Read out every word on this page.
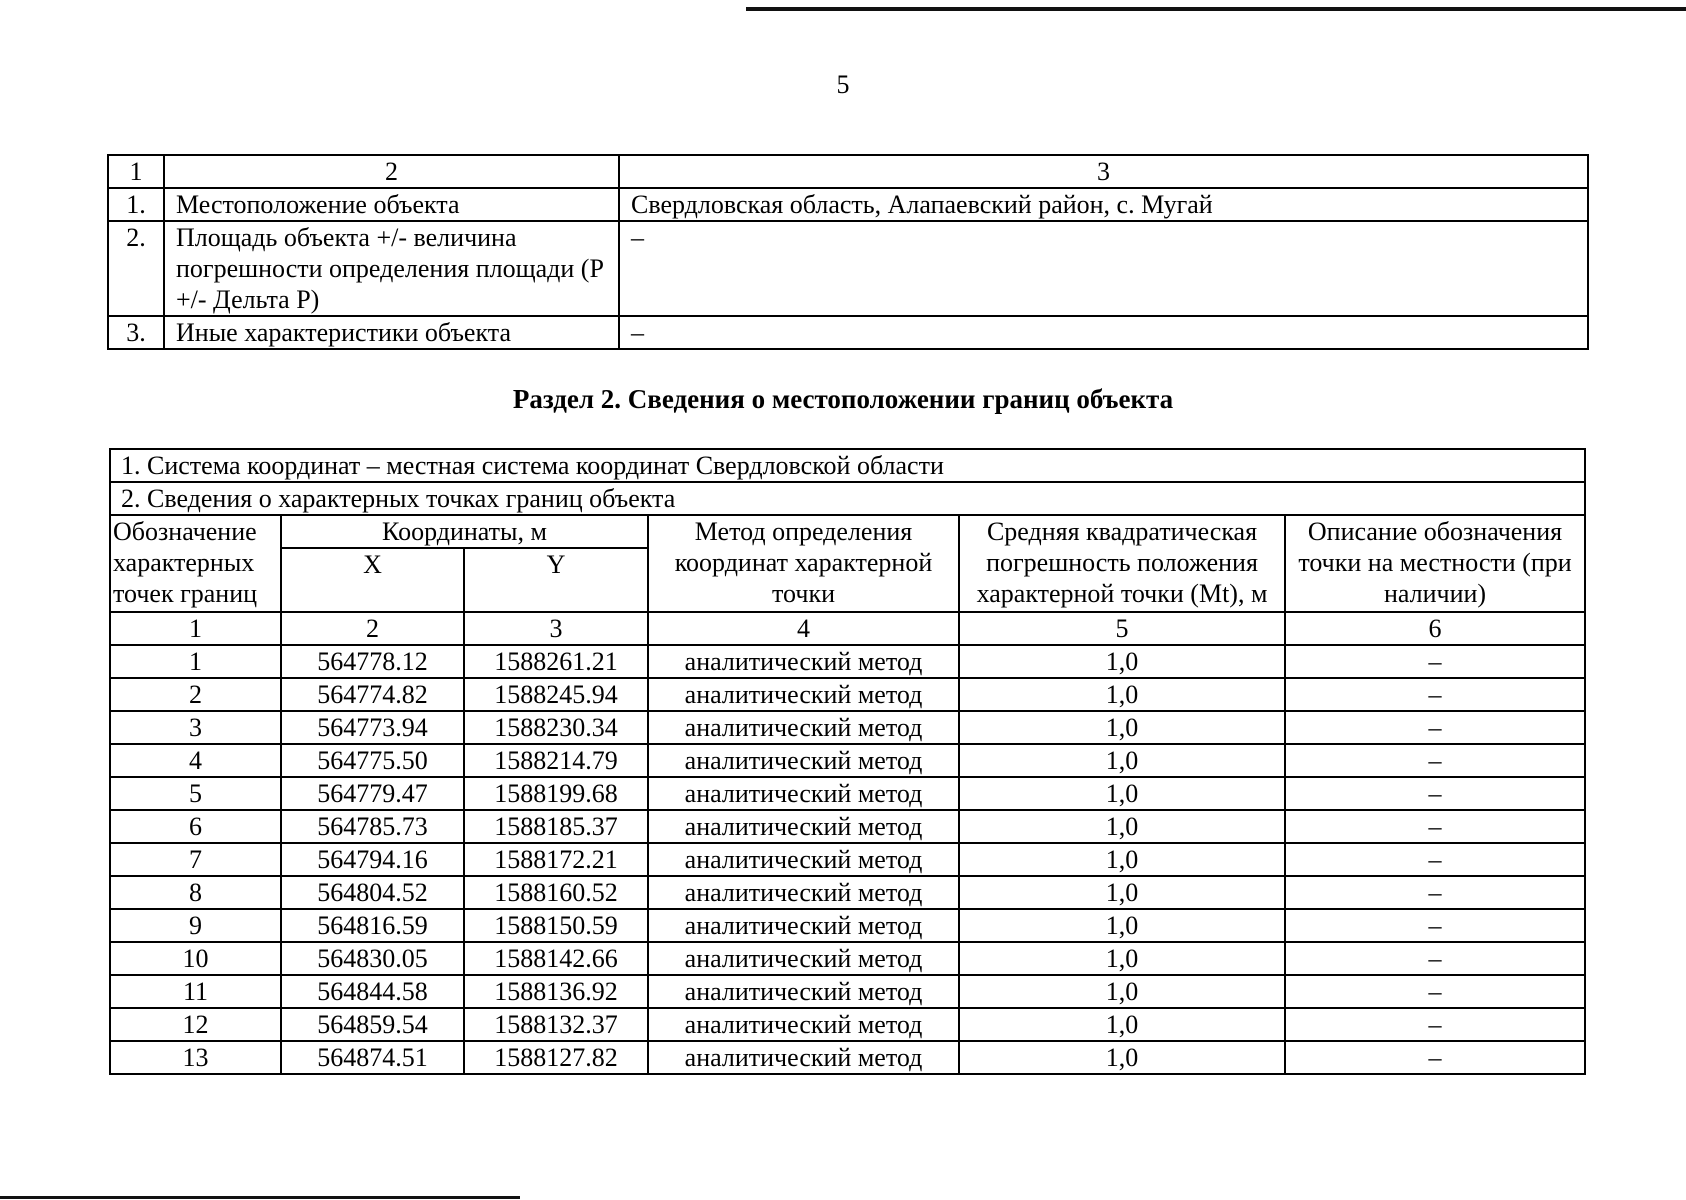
5
1	2	3
1.	Местоположение объекта	Свердловская область, Алапаевский район, с. Мугай
2.	Площадь объекта +/- величина погрешности определения площади (Р +/- Дельта Р)	–
3.	Иные характеристики объекта	–
Раздел 2. Сведения о местоположении границ объекта
1. Система координат – местная система координат Свердловской области					
2. Сведения о характерных точках границ объекта					
Обозначение характерных точек границ	Координаты, м		Метод определения координат характерной точки	Средняя квадратическая погрешность положения характерной точки (Mt), м	Описание обозначения точки на местности (при наличии)
	X	Y			
1	2	3	4	5	6
1	564778.12	1588261.21	аналитический метод	1,0	–
2	564774.82	1588245.94	аналитический метод	1,0	–
3	564773.94	1588230.34	аналитический метод	1,0	–
4	564775.50	1588214.79	аналитический метод	1,0	–
5	564779.47	1588199.68	аналитический метод	1,0	–
6	564785.73	1588185.37	аналитический метод	1,0	–
7	564794.16	1588172.21	аналитический метод	1,0	–
8	564804.52	1588160.52	аналитический метод	1,0	–
9	564816.59	1588150.59	аналитический метод	1,0	–
10	564830.05	1588142.66	аналитический метод	1,0	–
11	564844.58	1588136.92	аналитический метод	1,0	–
12	564859.54	1588132.37	аналитический метод	1,0	–
13	564874.51	1588127.82	аналитический метод	1,0	–
